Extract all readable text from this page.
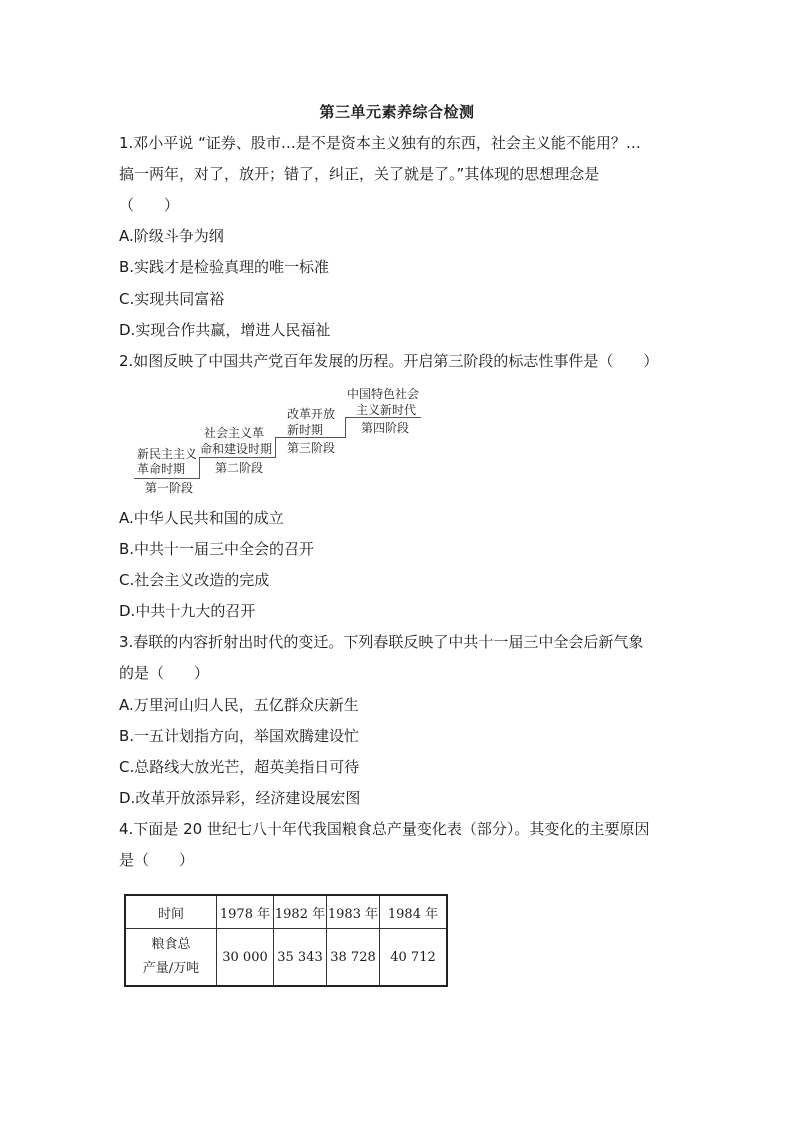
第三单元素养综合检测
1.邓小平说 “证券、股市…是不是资本主义独有的东西，社会主义能不能用？…
搞一两年，对了，放开；错了，纠正，关了就是了。”其体现的思想理念是
（　　）
A.阶级斗争为纲
B.实践才是检验真理的唯一标准
C.实现共同富裕
D.实现合作共赢，增进人民福祉
2.如图反映了中国共产党百年发展的历程。开启第三阶段的标志性事件是（　　）
新民主主义
革命时期
第一阶段
社会主义革
命和建设时期
第二阶段
改革开放
新时期
第三阶段
中国特色社会
主义新时代
第四阶段
A.中华人民共和国的成立
B.中共十一届三中全会的召开
C.社会主义改造的完成
D.中共十九大的召开
3.春联的内容折射出时代的变迁。下列春联反映了中共十一届三中全会后新气象
的是（　　）
A.万里河山归人民，五亿群众庆新生
B.一五计划指方向，举国欢腾建设忙
C.总路线大放光芒，超英美指日可待
D.改革开放添异彩，经济建设展宏图
4.下面是 20 世纪七八十年代我国粮食总产量变化表（部分）。其变化的主要原因
是（　　）
时间	1978 年	1982 年	1983 年	1984 年

粮食总
产量/万吨	30 000	35 343	38 728	40 712
